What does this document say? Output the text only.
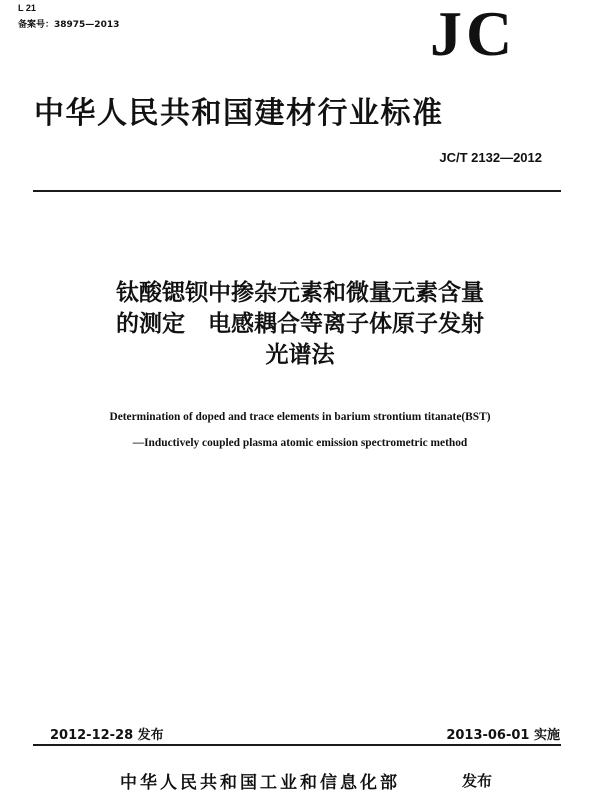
L 21
备案号：38975—2013	JC
中华人民共和国建材行业标准
JC/T 2132—2012
钛酸锶钡中掺杂元素和微量元素含量
的测定　电感耦合等离子体原子发射
光谱法
Determination of doped and trace elements in barium strontium titanate(BST)
—Inductively coupled plasma atomic emission spectrometric method
2012-12-28 发布	2013-06-01 实施
中华人民共和国工业和信息化部	发布
